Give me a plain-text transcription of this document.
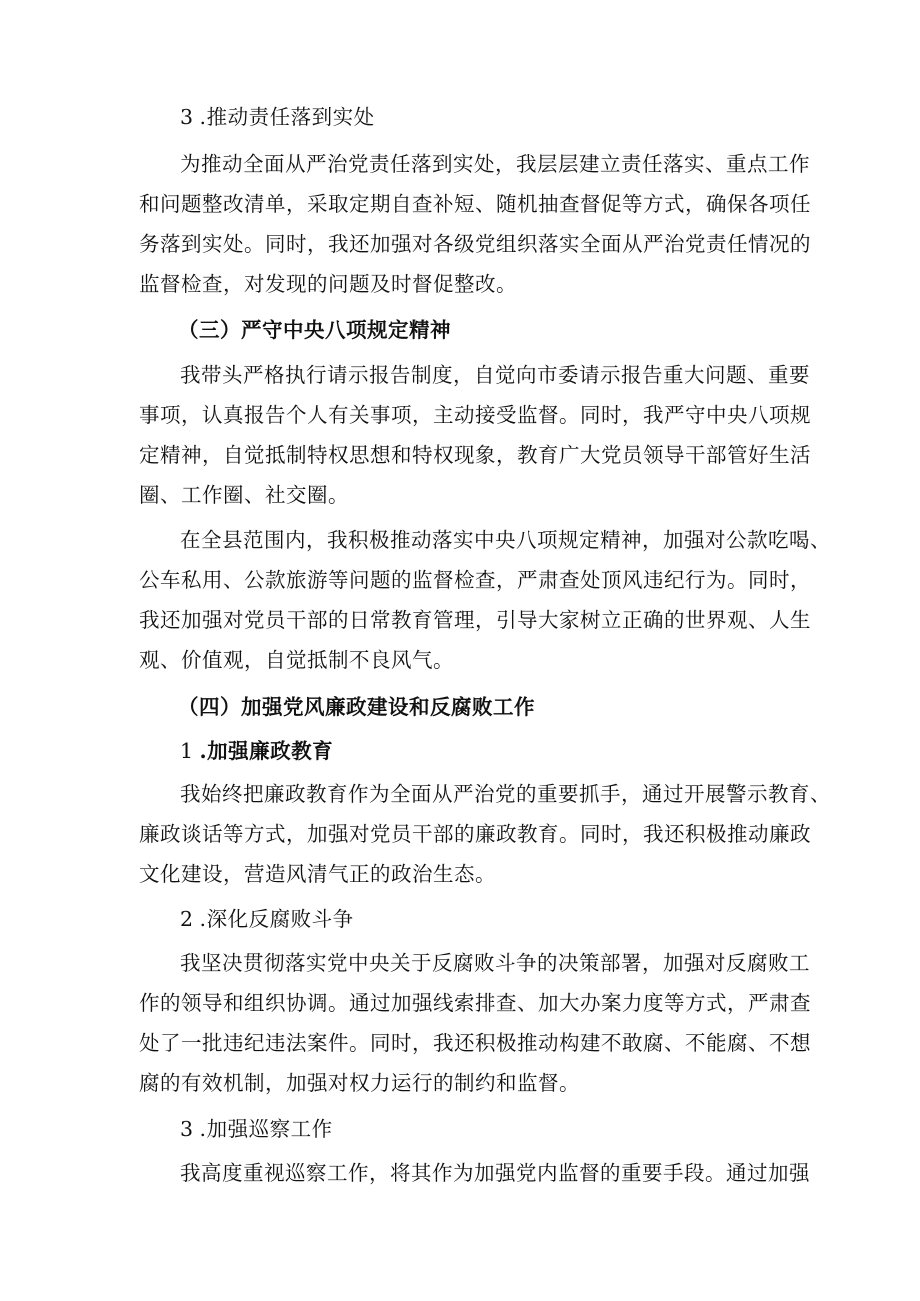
3 .推动责任落到实处
为推动全面从严治党责任落到实处，我层层建立责任落实、重点工作
和问题整改清单，采取定期自查补短、随机抽查督促等方式，确保各项任
务落到实处。同时，我还加强对各级党组织落实全面从严治党责任情况的
监督检查，对发现的问题及时督促整改。
（三）严守中央八项规定精神
我带头严格执行请示报告制度，自觉向市委请示报告重大问题、重要
事项，认真报告个人有关事项，主动接受监督。同时，我严守中央八项规
定精神，自觉抵制特权思想和特权现象，教育广大党员领导干部管好生活
圈、工作圈、社交圈。
在全县范围内，我积极推动落实中央八项规定精神，加强对公款吃喝、
公车私用、公款旅游等问题的监督检查，严肃查处顶风违纪行为。同时，
我还加强对党员干部的日常教育管理，引导大家树立正确的世界观、人生
观、价值观，自觉抵制不良风气。
（四）加强党风廉政建设和反腐败工作
1 .加强廉政教育
我始终把廉政教育作为全面从严治党的重要抓手，通过开展警示教育、
廉政谈话等方式，加强对党员干部的廉政教育。同时，我还积极推动廉政
文化建设，营造风清气正的政治生态。
2 .深化反腐败斗争
我坚决贯彻落实党中央关于反腐败斗争的决策部署，加强对反腐败工
作的领导和组织协调。通过加强线索排查、加大办案力度等方式，严肃查
处了一批违纪违法案件。同时，我还积极推动构建不敢腐、不能腐、不想
腐的有效机制，加强对权力运行的制约和监督。
3 .加强巡察工作
我高度重视巡察工作，将其作为加强党内监督的重要手段。通过加强
